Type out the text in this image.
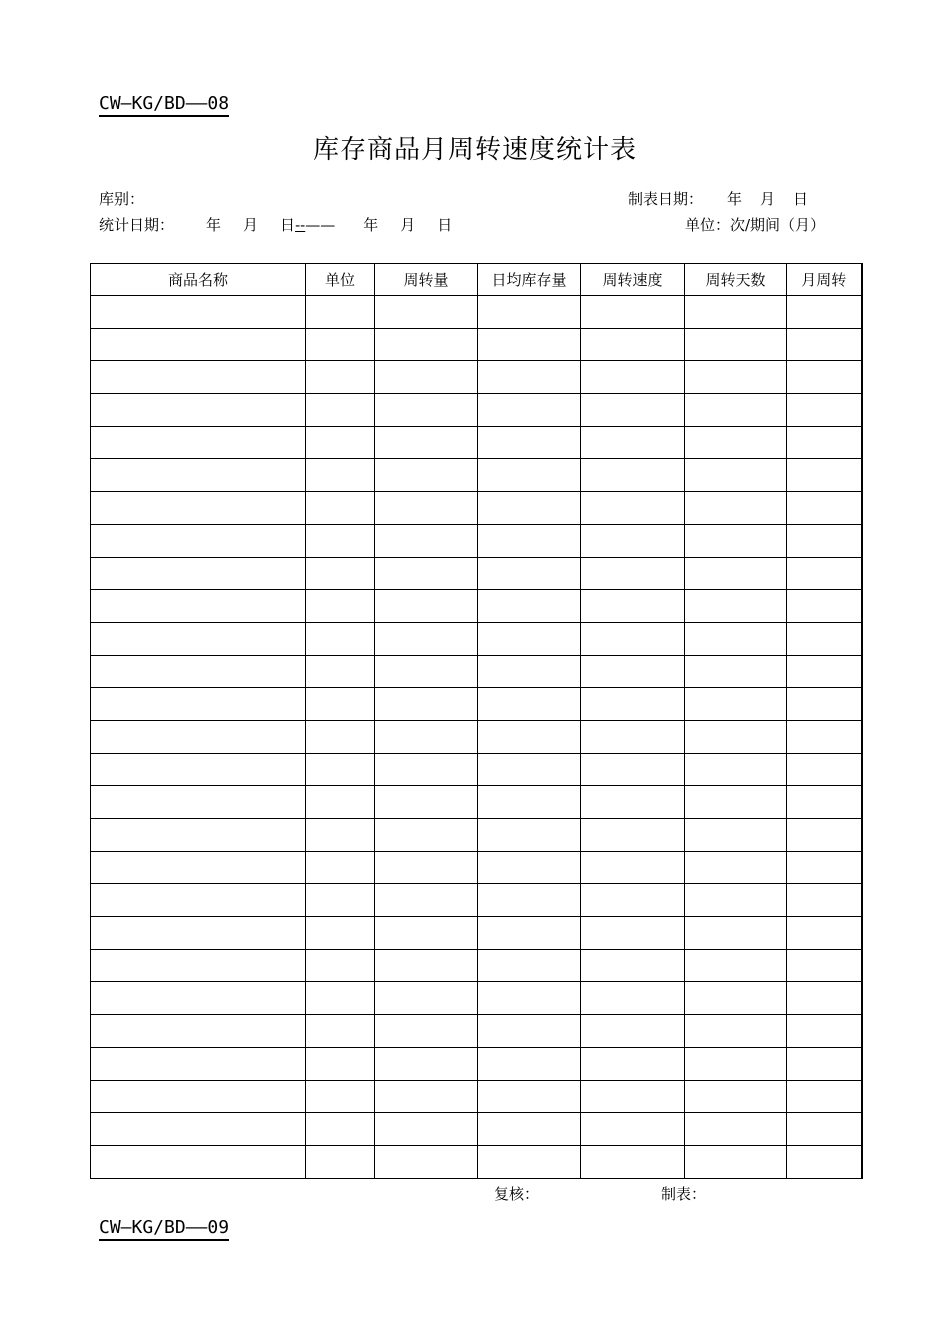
CW–KG/BD––08
库存商品月周转速度统计表
库别：	制表日期： 年 月 日
统计日期： 年 月 日--—— 年 月 日	单位：次/期间（月）
商品名称	单位	周转量	日均库存量	周转速度	周转天数	月周转

复核：	制表：
CW–KG/BD––09
